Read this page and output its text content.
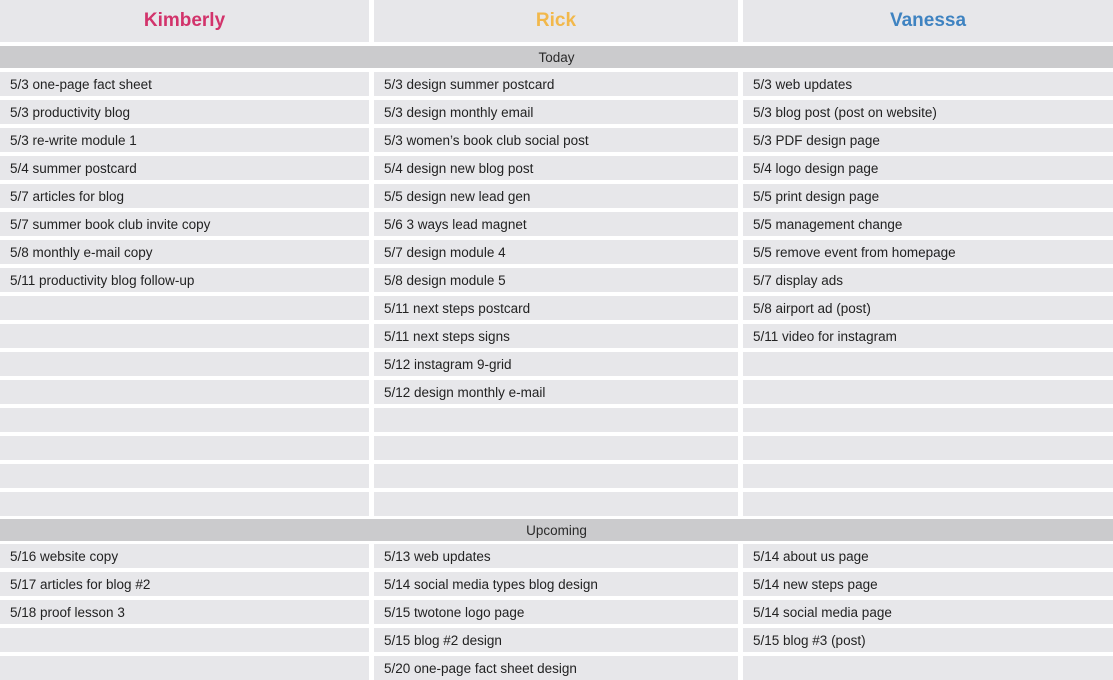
Kimberly	Rick	Vanessa
Today
5/3 one-page fact sheet
5/3 productivity blog
5/3 re-write module 1
5/4 summer postcard
5/7 articles for blog
5/7 summer book club invite copy
5/8 monthly e-mail copy
5/11 productivity blog follow-up
5/3 design summer postcard
5/3 design monthly email
5/3 women’s book club social post
5/4 design new blog post
5/5 design new lead gen
5/6 3 ways lead magnet
5/7 design module 4
5/8 design module 5
5/11 next steps postcard
5/11 next steps signs
5/12 instagram 9-grid
5/12 design monthly e-mail
5/3 web updates
5/3 blog post (post on website)
5/3 PDF design page
5/4 logo design page
5/5 print design page
5/5 management change
5/5 remove event from homepage
5/7 display ads
5/8 airport ad (post)
5/11 video for instagram
Upcoming
5/16 website copy
5/17 articles for blog #2
5/18 proof lesson 3
5/13 web updates
5/14 social media types blog design
5/15 twotone logo page
5/15 blog #2 design
5/20 one-page fact sheet design
5/14 about us page
5/14 new steps page
5/14 social media page
5/15 blog #3 (post)
